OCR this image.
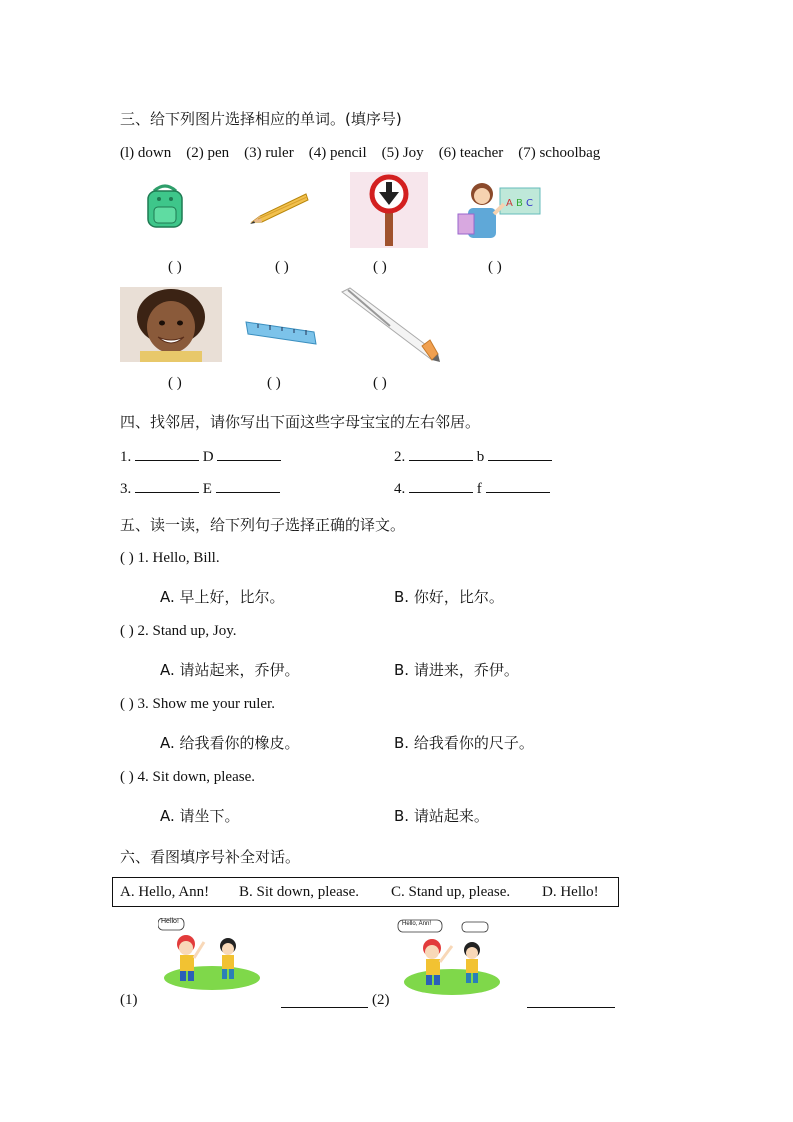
三、给下列图片选择相应的单词。(填序号)
(l) down (2) pen (3) ruler (4) pencil (5) Joy (6) teacher (7) schoolbag
A B C
( )	( )	( )	( )
( )	( )	( )
四、找邻居，请你写出下面这些字母宝宝的左右邻居。
1.	D	2.	b
3.	E	4.	f
五、读一读，给下列句子选择正确的译文。
( ) 1. Hello, Bill.
A. 早上好，比尔。	B. 你好，比尔。
( ) 2. Stand up, Joy.
A. 请站起来，乔伊。	B. 请进来，乔伊。
( ) 3. Show me your ruler.
A. 给我看你的橡皮。	B. 给我看你的尺子。
( ) 4. Sit down, please.
A. 请坐下。	B. 请站起来。
六、看图填序号补全对话。
A. Hello, Ann! B. Sit down, please. C. Stand up, please. D. Hello!
Hello!
(1)
Hello, Ann!
(2)
